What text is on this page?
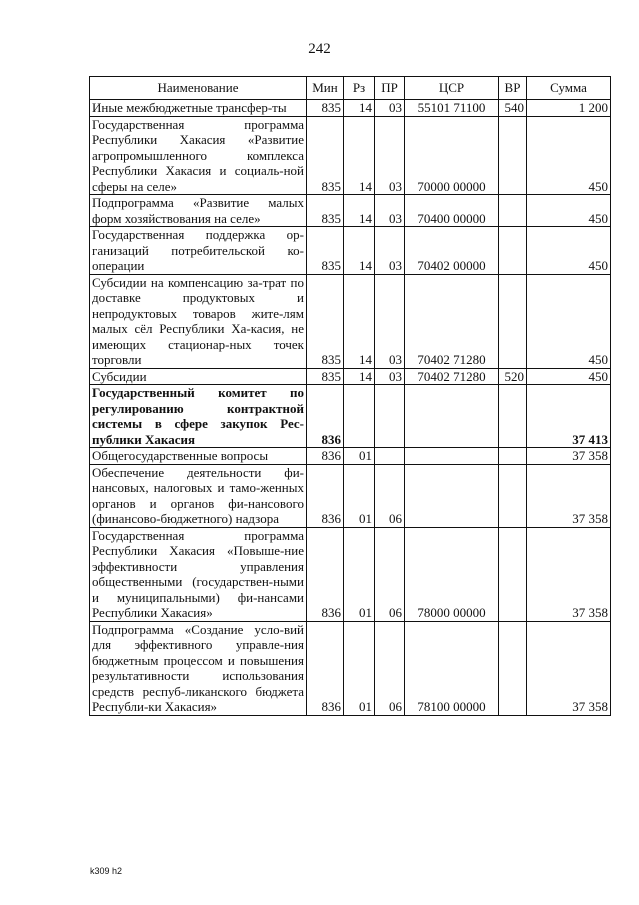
242
Наименование	Мин	Рз	ПР	ЦСР	ВР	Сумма
Иные межбюджетные трансфер-ты	835	14	03	55101 71100	540	1 200
Государственная программа Республики Хакасия «Развитие агропромышленного комплекса Республики Хакасия и социаль-ной сферы на селе»	835	14	03	70000 00000		450
Подпрограмма «Развитие малых форм хозяйствования на селе»	835	14	03	70400 00000		450
Государственная поддержка ор-ганизаций потребительской ко-операции	835	14	03	70402 00000		450
Субсидии на компенсацию за-трат по доставке продуктовых и непродуктовых товаров жите-лям малых сёл Республики Ха-касия, не имеющих стационар-ных точек торговли	835	14	03	70402 71280		450
Субсидии	835	14	03	70402 71280	520	450
Государственный комитет по регулированию контрактной системы в сфере закупок Рес-публики Хакасия	836					37 413
Общегосударственные вопросы	836	01				37 358
Обеспечение деятельности фи-нансовых, налоговых и тамо-женных органов и органов фи-нансового (финансово-бюджетного) надзора	836	01	06			37 358
Государственная программа Республики Хакасия «Повыше-ние эффективности управления общественными (государствен-ными и муниципальными) фи-нансами Республики Хакасия»	836	01	06	78000 00000		37 358
Подпрограмма «Создание усло-вий для эффективного управле-ния бюджетным процессом и повышения результативности использования средств респуб-ликанского бюджета Республи-ки Хакасия»	836	01	06	78100 00000		37 358
k309 h2
